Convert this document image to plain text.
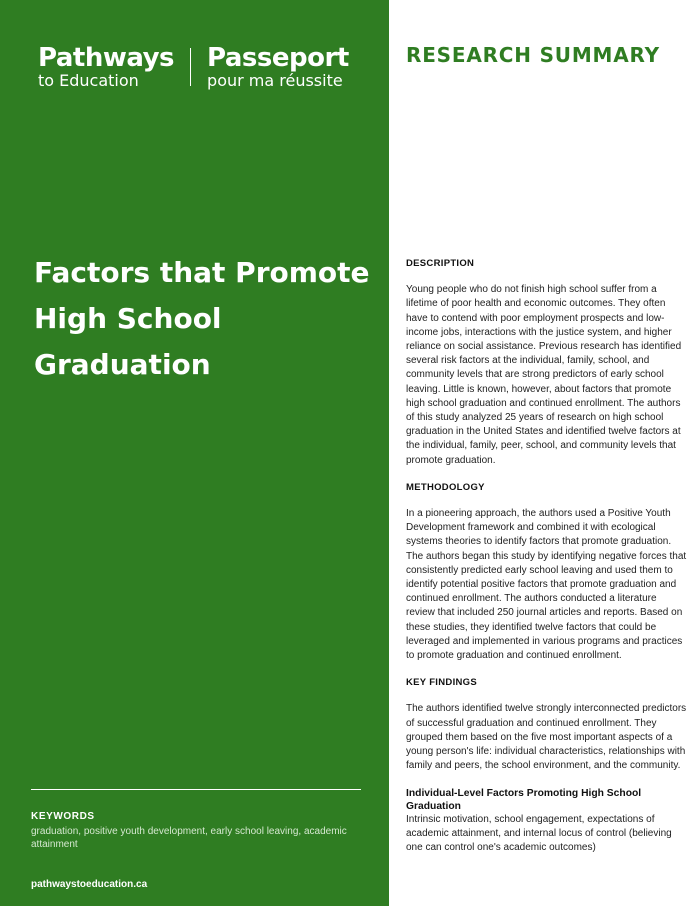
Pathways
to Education
Passeport
pour ma réussite
Factors that Promote High School Graduation
KEYWORDS
graduation, positive youth development, early school leaving, academic attainment
pathwaystoeducation.ca
RESEARCH SUMMARY
DESCRIPTION

Young people who do not finish high school suffer from a lifetime of poor health and economic outcomes. They often have to contend with poor employment prospects and low-income jobs, interactions with the justice system, and higher reliance on social assistance. Previous research has identified several risk factors at the individual, family, school, and community levels that are strong predictors of early school leaving. Little is known, however, about factors that promote high school graduation and continued enrollment. The authors of this study analyzed 25 years of research on high school graduation in the United States and identified twelve factors at the individual, family, peer, school, and community levels that promote graduation.

METHODOLOGY

In a pioneering approach, the authors used a Positive Youth Development framework and combined it with ecological systems theories to identify factors that promote graduation. The authors began this study by identifying negative forces that consistently predicted early school leaving and used them to identify potential positive factors that promote graduation and continued enrollment. The authors conducted a literature review that included 250 journal articles and reports. Based on these studies, they identified twelve factors that could be leveraged and implemented in various programs and practices to promote graduation and continued enrollment.

KEY FINDINGS

The authors identified twelve strongly interconnected predictors of successful graduation and continued enrollment. They grouped them based on the five most important aspects of a young person's life: individual characteristics, relationships with family and peers, the school environment, and the community.

Individual-Level Factors Promoting High School Graduation

Intrinsic motivation, school engagement, expectations of academic attainment, and internal locus of control (believing one can control one's academic outcomes)
